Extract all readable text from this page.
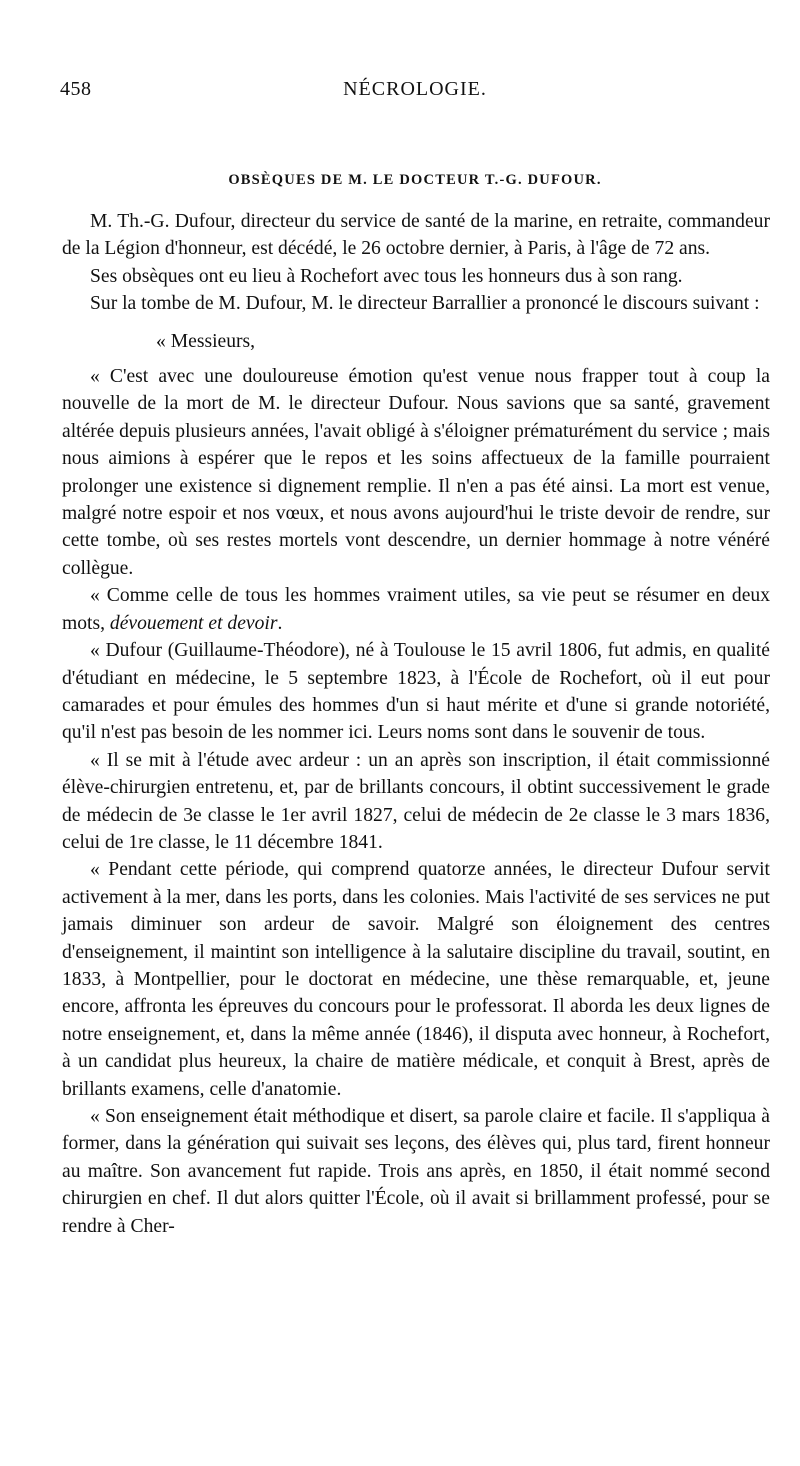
458	NÉCROLOGIE.
OBSÈQUES DE M. LE DOCTEUR T.-G. DUFOUR.

M. Th.-G. Dufour, directeur du service de santé de la marine, en retraite, commandeur de la Légion d'honneur, est décédé, le 26 octobre dernier, à Paris, à l'âge de 72 ans.

Ses obsèques ont eu lieu à Rochefort avec tous les honneurs dus à son rang.

Sur la tombe de M. Dufour, M. le directeur Barrallier a prononcé le discours suivant :

« Messieurs,

« C'est avec une douloureuse émotion qu'est venue nous frapper tout à coup la nouvelle de la mort de M. le directeur Dufour. Nous savions que sa santé, gravement altérée depuis plusieurs années, l'avait obligé à s'éloigner prématurément du service ; mais nous aimions à espérer que le repos et les soins affectueux de la famille pourraient prolonger une existence si dignement remplie. Il n'en a pas été ainsi. La mort est venue, malgré notre espoir et nos vœux, et nous avons aujourd'hui le triste devoir de rendre, sur cette tombe, où ses restes mortels vont descendre, un dernier hommage à notre vénéré collègue.

« Comme celle de tous les hommes vraiment utiles, sa vie peut se résumer en deux mots, dévouement et devoir.

« Dufour (Guillaume-Théodore), né à Toulouse le 15 avril 1806, fut admis, en qualité d'étudiant en médecine, le 5 septembre 1823, à l'École de Rochefort, où il eut pour camarades et pour émules des hommes d'un si haut mérite et d'une si grande notoriété, qu'il n'est pas besoin de les nommer ici. Leurs noms sont dans le souvenir de tous.

« Il se mit à l'étude avec ardeur : un an après son inscription, il était commissionné élève-chirurgien entretenu, et, par de brillants concours, il obtint successivement le grade de médecin de 3e classe le 1er avril 1827, celui de médecin de 2e classe le 3 mars 1836, celui de 1re classe, le 11 décembre 1841.

« Pendant cette période, qui comprend quatorze années, le directeur Dufour servit activement à la mer, dans les ports, dans les colonies. Mais l'activité de ses services ne put jamais diminuer son ardeur de savoir. Malgré son éloignement des centres d'enseignement, il maintint son intelligence à la salutaire discipline du travail, soutint, en 1833, à Montpellier, pour le doctorat en médecine, une thèse remarquable, et, jeune encore, affronta les épreuves du concours pour le professorat. Il aborda les deux lignes de notre enseignement, et, dans la même année (1846), il disputa avec honneur, à Rochefort, à un candidat plus heureux, la chaire de matière médicale, et conquit à Brest, après de brillants examens, celle d'anatomie.

« Son enseignement était méthodique et disert, sa parole claire et facile. Il s'appliqua à former, dans la génération qui suivait ses leçons, des élèves qui, plus tard, firent honneur au maître. Son avancement fut rapide. Trois ans après, en 1850, il était nommé second chirurgien en chef. Il dut alors quitter l'École, où il avait si brillamment professé, pour se rendre à Cher-
